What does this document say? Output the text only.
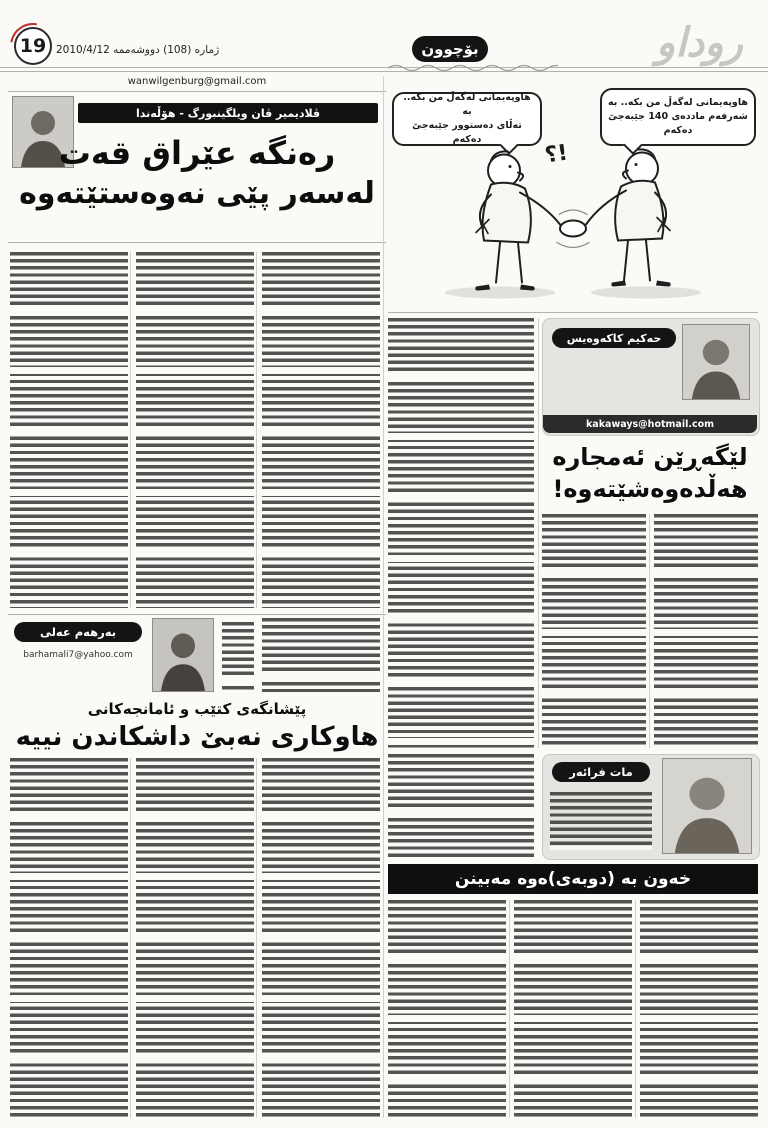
19 ژمارە (108) دووشەممە 2010/4/12	روداو
بۆچوون
wanwilgenburg@gmail.com
ڤلادیمیر ڤان ویلگینبورگ - هۆڵەندا
رەنگە عێراق قەت
لەسەر پێی نەوەستێتەوە
بەرهەم عەلی
barhamali7@yahoo.com
پێشانگەی کتێب و ئامانجەکانی
هاوکاری نەبێ داشکاندن نییە
هاوپەیمانی لەگەڵ من بکە.. بە
تەڵای دەستوور جێبەجێ دەکەم
هاوپەیمانی لەگەڵ من بکە.. بە
شەرفەم ماددەی 140 جێبەجێ دەکەم
!؟
حەکیم کاکەوەیس
kakaways@hotmail.com
لێگەڕێن ئەمجارە
هەڵدەوەشێتەوە!
مات فرائەر
خەون بە (دوبەی)ەوە مەبینن
